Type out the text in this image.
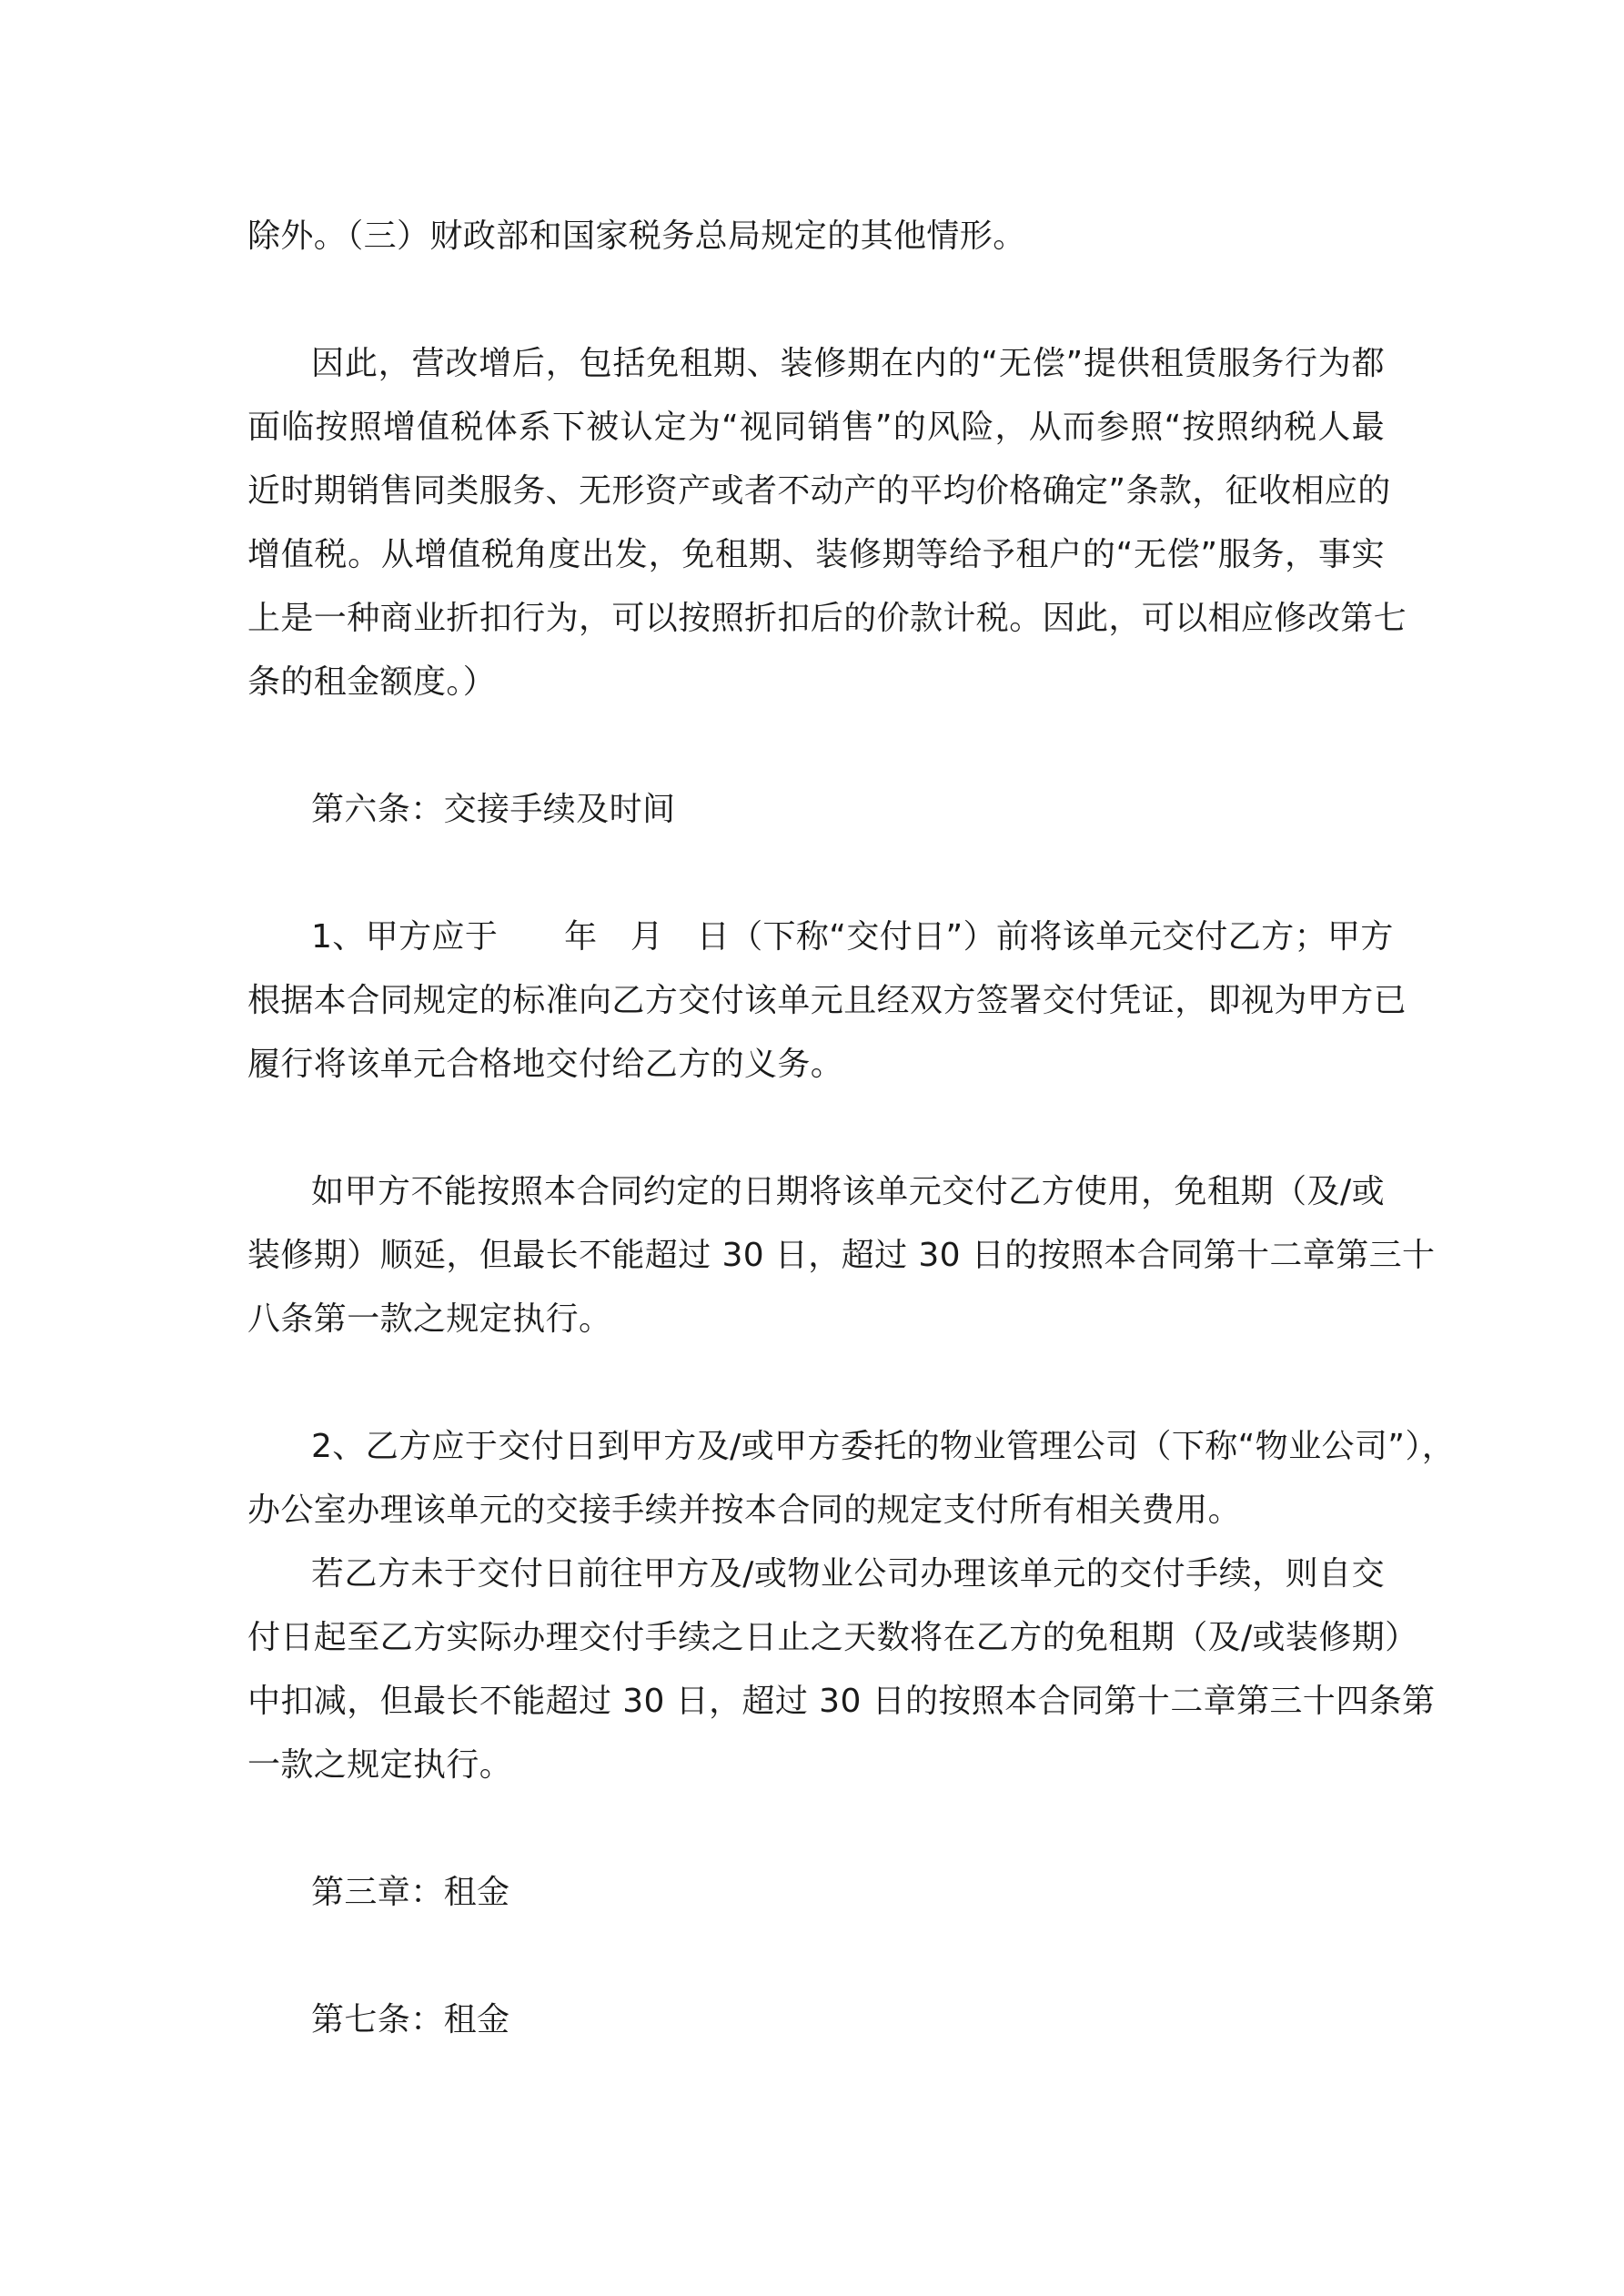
除外。（三）财政部和国家税务总局规定的其他情形。
因此，营改增后，包括免租期、装修期在内的“无偿”提供租赁服务行为都
面临按照增值税体系下被认定为“视同销售”的风险，从而参照“按照纳税人最
近时期销售同类服务、无形资产或者不动产的平均价格确定”条款，征收相应的
增值税。从增值税角度出发，免租期、装修期等给予租户的“无偿”服务，事实
上是一种商业折扣行为，可以按照折扣后的价款计税。因此，可以相应修改第七
条的租金额度。）
第六条：交接手续及时间
1、甲方应于　　年　月　日（下称“交付日”）前将该单元交付乙方；甲方
根据本合同规定的标准向乙方交付该单元且经双方签署交付凭证，即视为甲方已
履行将该单元合格地交付给乙方的义务。
如甲方不能按照本合同约定的日期将该单元交付乙方使用，免租期（及/或
装修期）顺延，但最长不能超过 30 日，超过 30 日的按照本合同第十二章第三十
八条第一款之规定执行。
2、乙方应于交付日到甲方及/或甲方委托的物业管理公司（下称“物业公司”），
办公室办理该单元的交接手续并按本合同的规定支付所有相关费用。
若乙方未于交付日前往甲方及/或物业公司办理该单元的交付手续，则自交
付日起至乙方实际办理交付手续之日止之天数将在乙方的免租期（及/或装修期）
中扣减，但最长不能超过 30 日，超过 30 日的按照本合同第十二章第三十四条第
一款之规定执行。
第三章：租金
第七条：租金
